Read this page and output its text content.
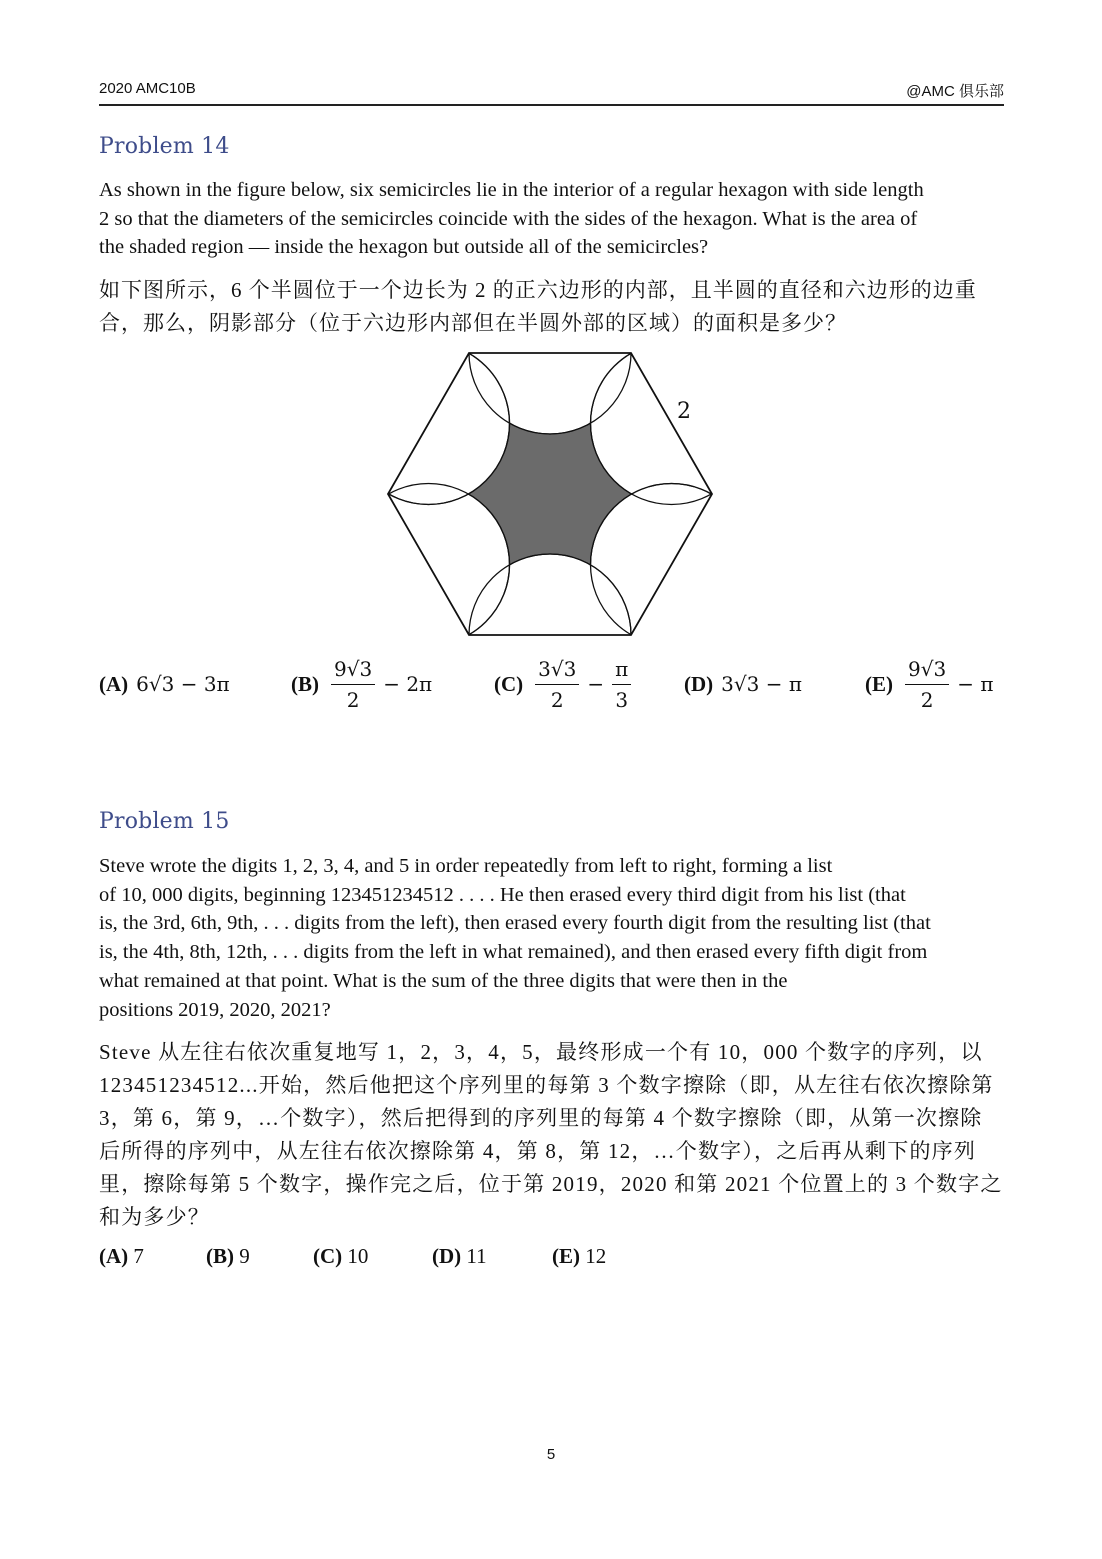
2020 AMC10B	@AMC 俱乐部
Problem 14
As shown in the figure below, six semicircles lie in the interior of a regular hexagon with side length
2 so that the diameters of the semicircles coincide with the sides of the hexagon. What is the area of
the shaded region — inside the hexagon but outside all of the semicircles?
如下图所示，6 个半圆位于一个边长为 2 的正六边形的内部，且半圆的直径和六边形的边重
合，那么，阴影部分（位于六边形内部但在半圆外部的区域）的面积是多少？
2
(A) 6√3 − 3π	$(B) \frac{9√3}{2} - 2\pi$	$(C) \frac{3√3}{2} - \frac{\pi}{3}$	(D) 3√3 − π	$(E) \frac{9√3}{2} - \pi$
Problem 15
Steve wrote the digits 1, 2, 3, 4, and 5 in order repeatedly from left to right, forming a list
of 10, 000 digits, beginning 123451234512 . . . . He then erased every third digit from his list (that
is, the 3rd, 6th, 9th, . . . digits from the left), then erased every fourth digit from the resulting list (that
is, the 4th, 8th, 12th, . . . digits from the left in what remained), and then erased every fifth digit from
what remained at that point. What is the sum of the three digits that were then in the
positions 2019, 2020, 2021?
Steve 从左往右依次重复地写 1，2，3，4，5，最终形成一个有 10，000 个数字的序列，以
123451234512...开始，然后他把这个序列里的每第 3 个数字擦除（即，从左往右依次擦除第
3，第 6，第 9，…个数字），然后把得到的序列里的每第 4 个数字擦除（即，从第一次擦除
后所得的序列中，从左往右依次擦除第 4，第 8，第 12，…个数字），之后再从剩下的序列
里，擦除每第 5 个数字，操作完之后，位于第 2019，2020 和第 2021 个位置上的 3 个数字之
和为多少？
(A) 7	(B) 9	(C) 10	(D) 11	(E) 12
5
